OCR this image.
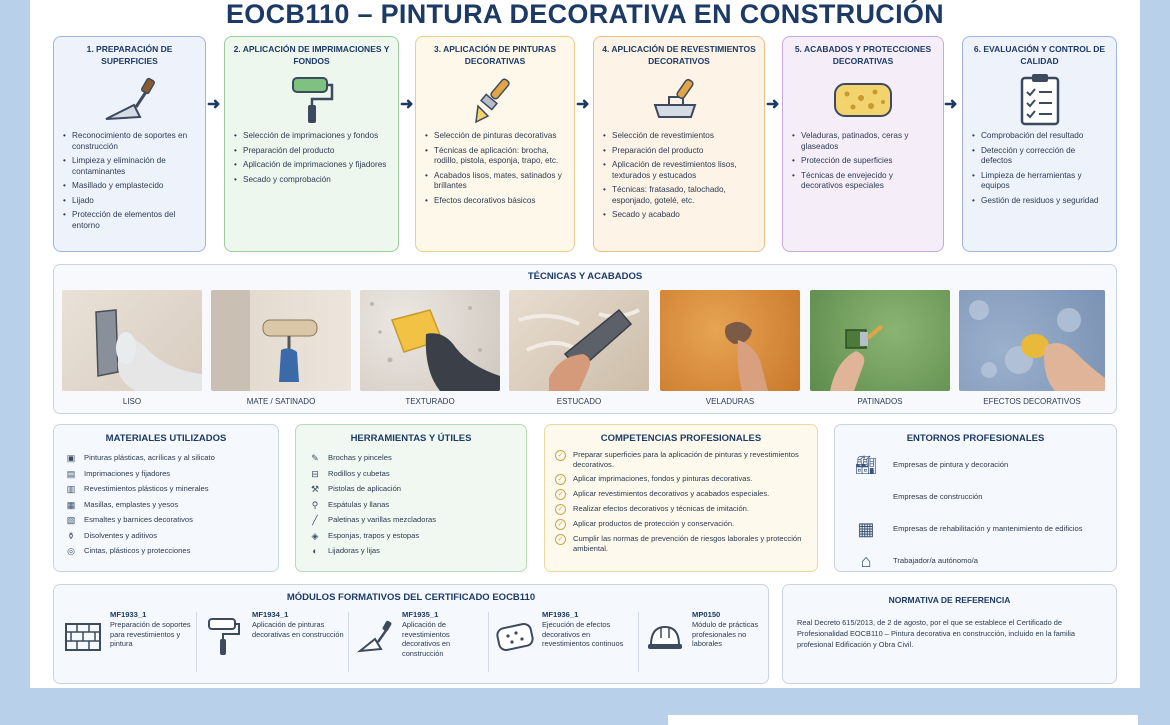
EOCB110 – PINTURA DECORATIVA EN CONSTRUCIÓN
1. PREPARACIÓN DE SUPERFICIES
• Reconocimiento de soportes en construcción
• Limpieza y eliminación de contaminantes
• Masillado y emplastecido
• Lijado
• Protección de elementos del entorno
➜
2. APLICACIÓN DE IMPRIMACIONES Y FONDOS
• Selección de imprimaciones y fondos
• Preparación del producto
• Aplicación de imprimaciones y fijadores
• Secado y comprobación
➜
3. APLICACIÓN DE PINTURAS DECORATIVAS
• Selección de pinturas decorativas
• Técnicas de aplicación: brocha, rodillo, pistola, esponja, trapo, etc.
• Acabados lisos, mates, satinados y brillantes
• Efectos decorativos básicos
➜
4. APLICACIÓN DE REVESTIMIENTOS DECORATIVOS
• Selección de revestimientos
• Preparación del producto
• Aplicación de revestimientos lisos, texturados y estucados
• Técnicas: fratasado, talochado, esponjado, gotelé, etc.
• Secado y acabado
➜
5. ACABADOS Y PROTECCIONES DECORATIVAS
• Veladuras, patinados, ceras y glaseados
• Protección de superficies
• Técnicas de envejecido y decorativos especiales
➜
6. EVALUACIÓN Y CONTROL DE CALIDAD
• Comprobación del resultado
• Detección y corrección de defectos
• Limpieza de herramientas y equipos
• Gestión de residuos y seguridad
TÉCNICAS Y ACABADOS
LISO	MATE / SATINADO	TEXTURADO	ESTUCADO	VELADURAS	PATINADOS	EFECTOS DECORATIVOS
MATERIALES UTILIZADOS
▣	Pinturas plásticas, acrílicas y al silicato
▤	Imprimaciones y fijadores
▥	Revestimientos plásticos y minerales
▦	Masillas, emplastes y yesos
▧	Esmaltes y barnices decorativos
⚱	Disolventes y aditivos
◎	Cintas, plásticos y protecciones
HERRAMIENTAS Y ÚTILES
✎	Brochas y pinceles
⊟	Rodillos y cubetas
⚒	Pistolas de aplicación
⚲	Espátulas y llanas
╱	Paletinas y varillas mezcladoras
◈	Esponjas, trapos y estopas
◐	Lijadoras y lijas
COMPETENCIAS PROFESIONALES
✓	Preparar superficies para la aplicación de pinturas y revestimientos decorativos.
✓	Aplicar imprimaciones, fondos y pinturas decorativas.
✓	Aplicar revestimientos decorativos y acabados especiales.
✓	Realizar efectos decorativos y técnicas de imitación.
✓	Aplicar productos de protección y conservación.
✓	Cumplir las normas de prevención de riesgos laborales y protección ambiental.
ENTORNOS PROFESIONALES
🏭︎	Empresas de pintura y decoración
Empresas de construcción
▦	Empresas de rehabilitación y mantenimiento de edificios
⌂	Trabajador/a autónomo/a
MÓDULOS FORMATIVOS DEL CERTIFICADO EOCB110
MF1933_1
Preparación de soportes para revestimientos y pintura
MF1934_1
Aplicación de pinturas decorativas en construcción
MF1935_1
Aplicación de revestimientos decorativos en construcción
MF1936_1
Ejecución de efectos decorativos en revestimientos continuos
MP0150
Módulo de prácticas profesionales no laborales
NORMATIVA DE REFERENCIA
Real Decreto 615/2013, de 2 de agosto, por el que se establece el Certificado de Profesionalidad EOCB110 – Pintura decorativa en construcción, incluido en la familia profesional Edificación y Obra Civil.
